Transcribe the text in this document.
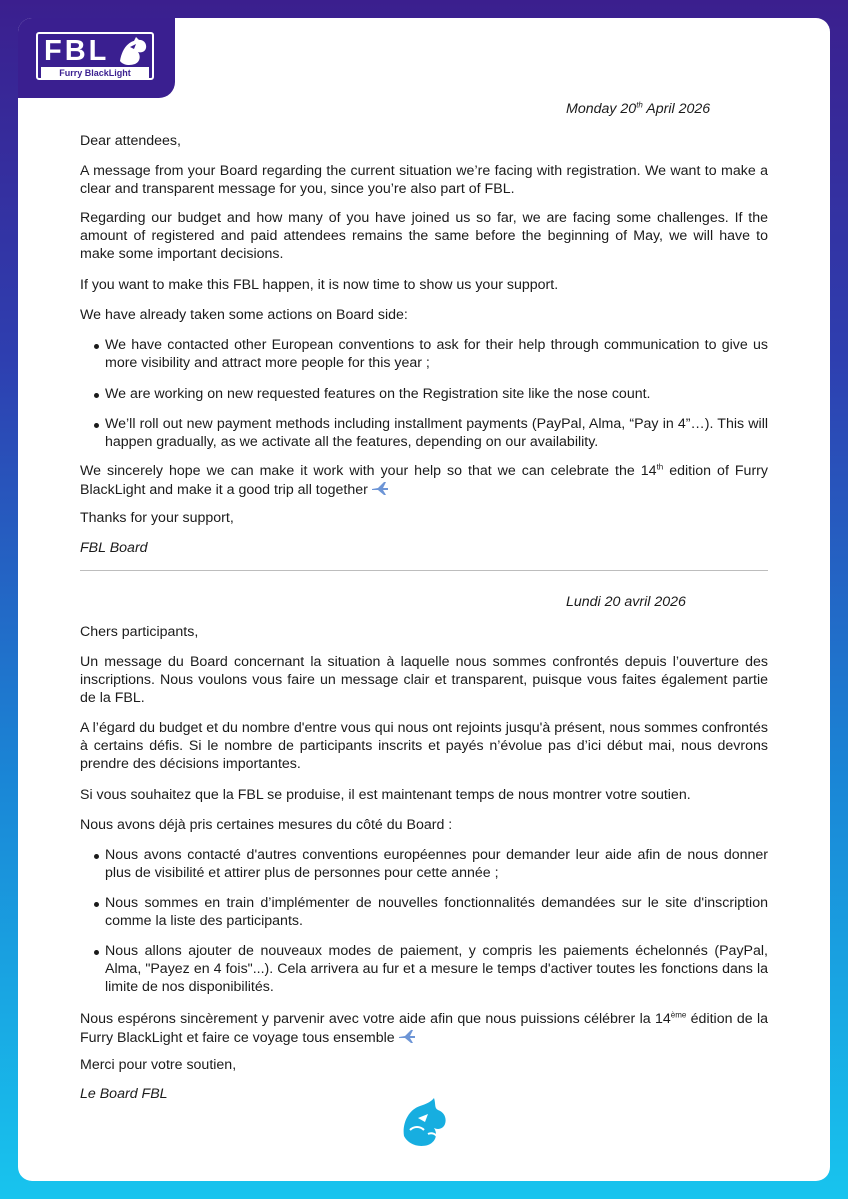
FBL
Furry BlackLight
Monday 20th April 2026
Dear attendees,
A message from your Board regarding the current situation we’re facing with registration. We want to make a clear and transparent message for you, since you’re also part of FBL.
Regarding our budget and how many of you have joined us so far, we are facing some challenges. If the amount of registered and paid attendees remains the same before the beginning of May, we will have to make some important decisions.
If you want to make this FBL happen, it is now time to show us your support.
We have already taken some actions on Board side:
We have contacted other European conventions to ask for their help through communication to give us more visibility and attract more people for this year ;
We are working on new requested features on the Registration site like the nose count.
We’ll roll out new payment methods including installment payments (PayPal, Alma, “Pay in 4”…). This will happen gradually, as we activate all the features, depending on our availability.
We sincerely hope we can make it work with your help so that we can celebrate the 14th edition of Furry BlackLight and make it a good trip all together
Thanks for your support,
FBL Board
Lundi 20 avril 2026
Chers participants,
Un message du Board concernant la situation à laquelle nous sommes confrontés depuis l’ouverture des inscriptions. Nous voulons vous faire un message clair et transparent, puisque vous faites également partie de la FBL.
A l’égard du budget et du nombre d'entre vous qui nous ont rejoints jusqu'à présent, nous sommes confrontés à certains défis. Si le nombre de participants inscrits et payés n’évolue pas d’ici début mai, nous devrons prendre des décisions importantes.
Si vous souhaitez que la FBL se produise, il est maintenant temps de nous montrer votre soutien.
Nous avons déjà pris certaines mesures du côté du Board :
Nous avons contacté d'autres conventions européennes pour demander leur aide afin de nous donner plus de visibilité et attirer plus de personnes pour cette année ;
Nous sommes en train d’implémenter de nouvelles fonctionnalités demandées sur le site d'inscription comme la liste des participants.
Nous allons ajouter de nouveaux modes de paiement, y compris les paiements échelonnés (PayPal, Alma, "Payez en 4 fois"...). Cela arrivera au fur et a mesure le temps d'activer toutes les fonctions dans la limite de nos disponibilités.
Nous espérons sincèrement y parvenir avec votre aide afin que nous puissions célébrer la 14ème édition de la Furry BlackLight et faire ce voyage tous ensemble
Merci pour votre soutien,
Le Board FBL
